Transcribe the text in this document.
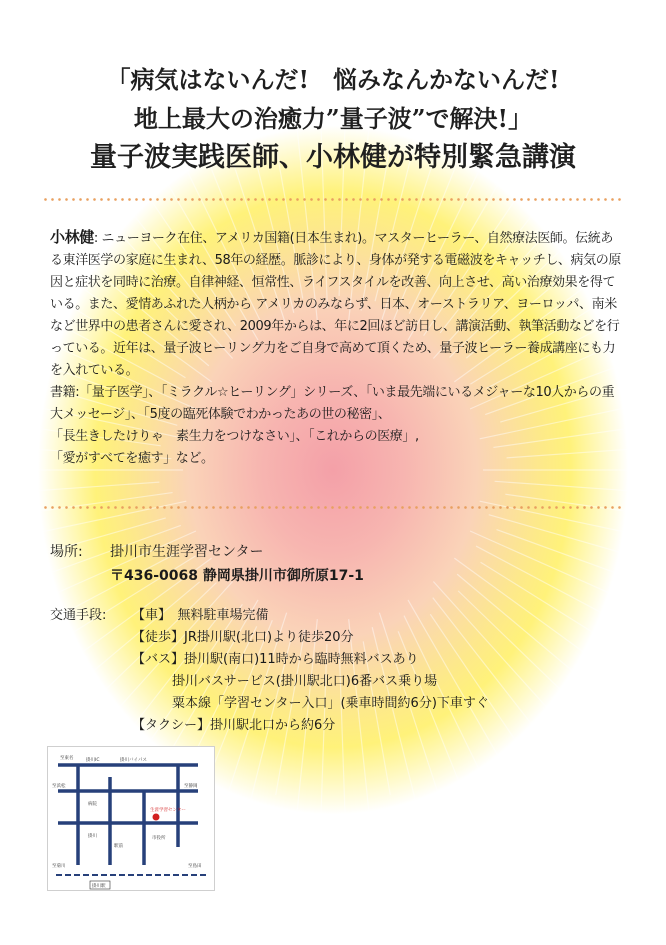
「病気はないんだ!　悩みなんかないんだ!
地上最大の治癒力”量子波”で解決!」
量子波実践医師、小林健が特別緊急講演
小林健: ニューヨーク在住、アメリカ国籍(日本生まれ)。マスターヒーラー、自然療法医師。伝統ある東洋医学の家庭に生まれ、58年の経歴。脈診により、身体が発する電磁波をキャッチし、病気の原因と症状を同時に治療。自律神経、恒常性、ライフスタイルを改善、向上させ、高い治療効果を得ている。また、愛情あふれた人柄から アメリカのみならず、日本、オーストラリア、ヨーロッパ、南米など世界中の患者さんに愛され、2009年からは、年に2回ほど訪日し、講演活動、執筆活動などを行っている。近年は、量子波ヒーリング力をご自身で高めて頂くため、量子波ヒーラー養成講座にも力を入れている。
書籍:「量子医学」、「ミラクル☆ヒーリング」シリーズ、「いま最先端にいるメジャーな10人からの重大メッセージ」、「5度の臨死体験でわかったあの世の秘密」、
「長生きしたけりゃ　素生力をつけなさい」、「これからの医療」,
「愛がすべてを癒す」など。
場所:	掛川市生涯学習センター
〒436-0068 静岡県掛川市御所原17-1
交通手段:	【車】　無料駐車場完備
【徒歩】JR掛川駅(北口)より徒歩20分
【バス】掛川駅(南口)11時から臨時無料バスあり
掛川バスサービス(掛川駅北口)6番バス乗り場
粟本線「学習センター入口」(乗車時間約6分)下車すぐ
【タクシー】掛川駅北口から約6分
至東名	掛川IC	掛川バイパス
至浜松	至静岡
掛川
至菊川
掛川駅
生涯学習センター
市役所
駅前
病院
至島田
